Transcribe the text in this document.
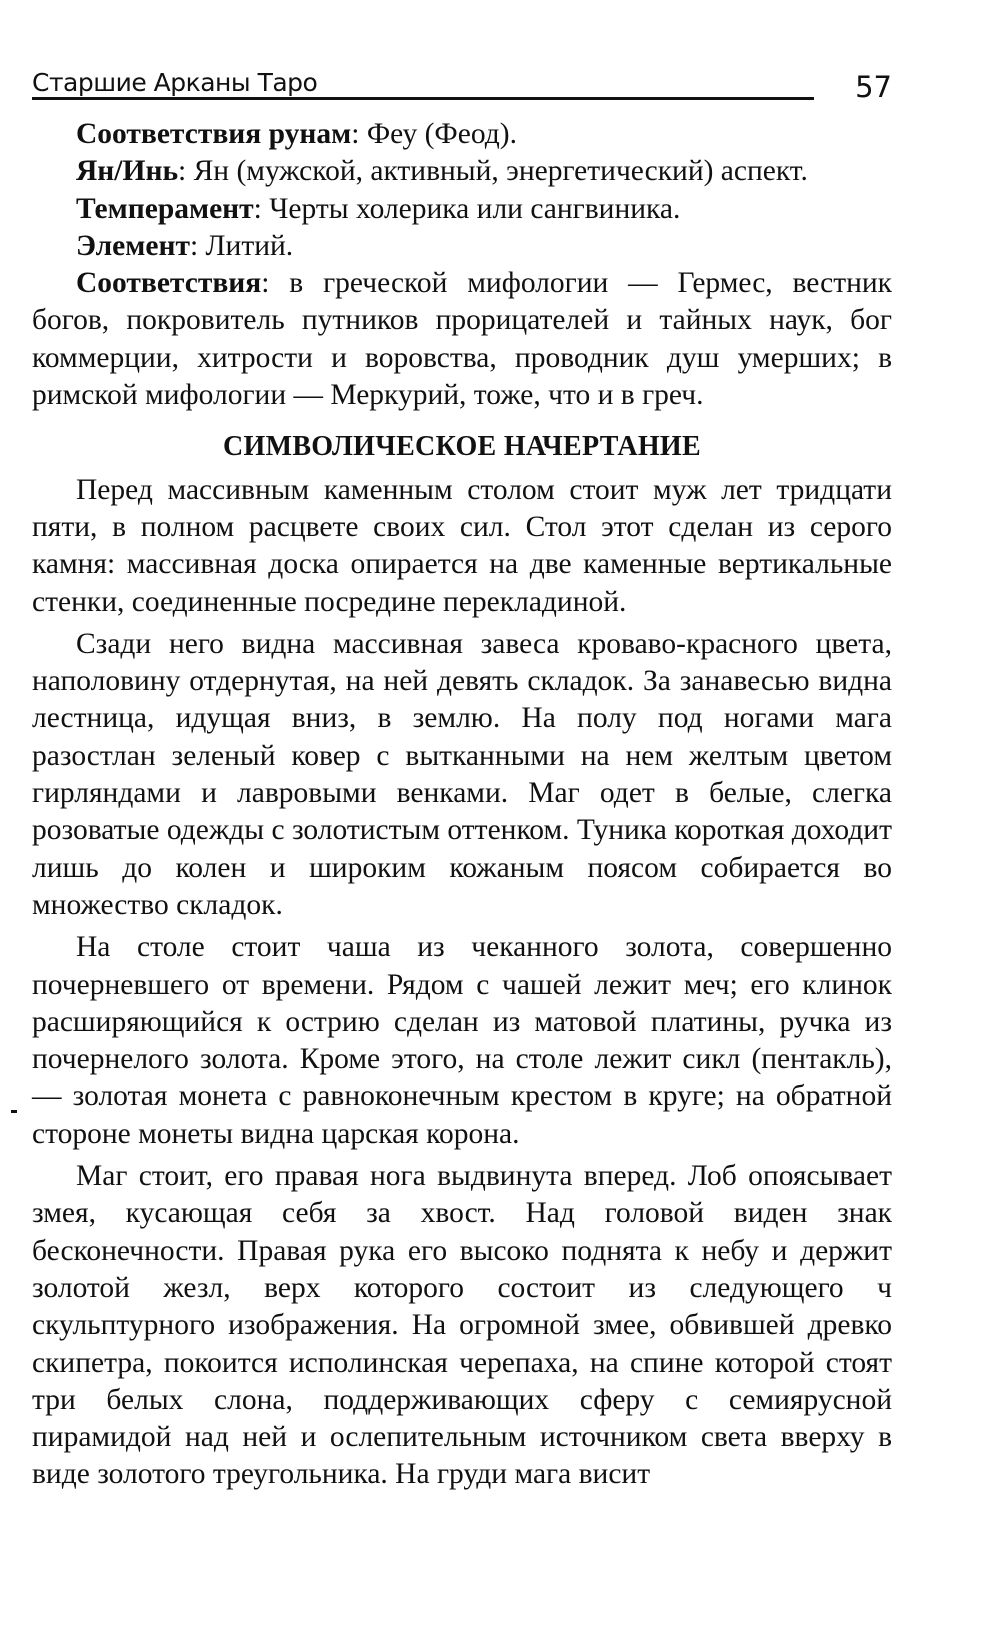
Старшие Арканы Таро	57

Соответствия рунам: Феу (Феод).

Ян/Инь: Ян (мужской, активный, энергетический) аспект.

Темперамент: Черты холерика или сангвиника.

Элемент: Литий.

Соответствия: в греческой мифологии — Гермес, вестник богов, покровитель путников прорицателей и тайных наук, бог коммерции, хитрости и воровства, проводник душ умерших; в римской мифологии — Меркурий, тоже, что и в греч.

СИМВОЛИЧЕСКОЕ НАЧЕРТАНИЕ

Перед массивным каменным столом стоит муж лет тридцати пяти, в полном расцвете своих сил. Стол этот сделан из серого камня: массивная доска опирается на две каменные вертикальные стенки, соединенные посредине перекладиной.

Сзади него видна массивная завеса кроваво-красного цвета, наполовину отдернутая, на ней девять складок. За занавесью видна лестница, идущая вниз, в землю. На полу под ногами мага разостлан зеленый ковер с вытканными на нем желтым цветом гирляндами и лавровыми венками. Маг одет в белые, слегка розоватые одежды с золотистым оттенком. Туника короткая доходит лишь до колен и широким кожаным поясом собирается во множество складок.

На столе стоит чаша из чеканного золота, совершенно почерневшего от времени. Рядом с чашей лежит меч; его клинок расширяющийся к острию сделан из матовой платины, ручка из почернелого золота. Кроме этого, на столе лежит сикл (пентакль), — золотая монета с равноконечным крестом в круге; на обратной стороне монеты видна царская корона.

Маг стоит, его правая нога выдвинута вперед. Лоб опоясывает змея, кусающая себя за хвост. Над головой виден знак бесконечности. Правая рука его высоко поднята к небу и держит золотой жезл, верх которого состоит из следующего ч скульптурного изображения. На огромной змее, обвившей древко скипетра, покоится исполинская черепаха, на спине которой стоят три белых слона, поддерживающих сферу с семиярусной пирамидой над ней и ослепительным источником света вверху в виде золотого треугольника. На груди мага висит
